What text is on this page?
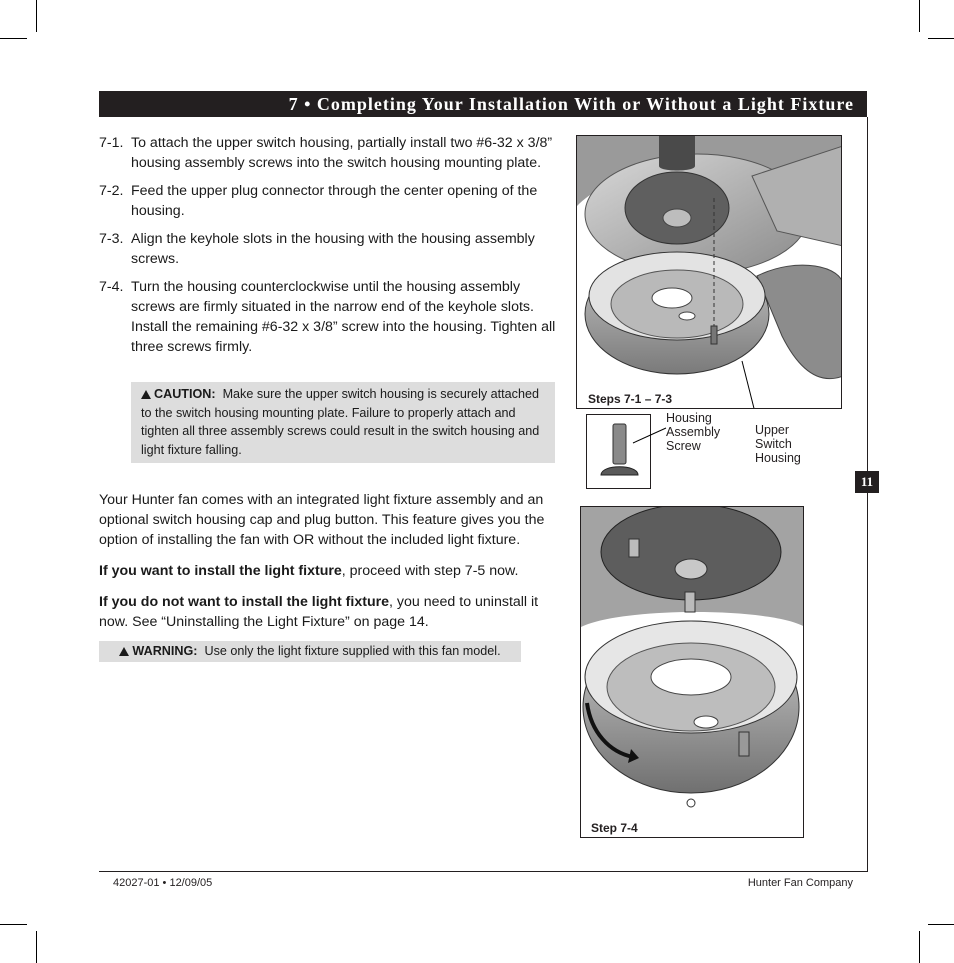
7 • Completing Your Installation With or Without a Light Fixture
7-1. To attach the upper switch housing, partially install two #6-32 x 3/8” housing assembly screws into the switch housing mounting plate.
7-2. Feed the upper plug connector through the center opening of the housing.
7-3. Align the keyhole slots in the housing with the housing assembly screws.
7-4. Turn the housing counterclockwise until the housing assembly screws are firmly situated in the narrow end of the keyhole slots. Install the remaining #6-32 x 3/8” screw into the housing. Tighten all three screws firmly.
CAUTION: Make sure the upper switch housing is securely attached to the switch housing mounting plate. Failure to properly attach and tighten all three assembly screws could result in the switch housing and light fixture falling.

Your Hunter fan comes with an integrated light fixture assembly and an optional switch housing cap and plug button. This feature gives you the option of installing the fan with OR without the included light fixture.

If you want to install the light fixture, proceed with step 7-5 now.

If you do not want to install the light fixture, you need to uninstall it now. See “Uninstalling the Light Fixture” on page 14.

WARNING: Use only the light fixture supplied with this fan model.
Steps 7-1 – 7-3
Housing
Assembly
Screw
Upper
Switch
Housing
11
Step 7-4
42027-01 • 12/09/05	Hunter Fan Company
